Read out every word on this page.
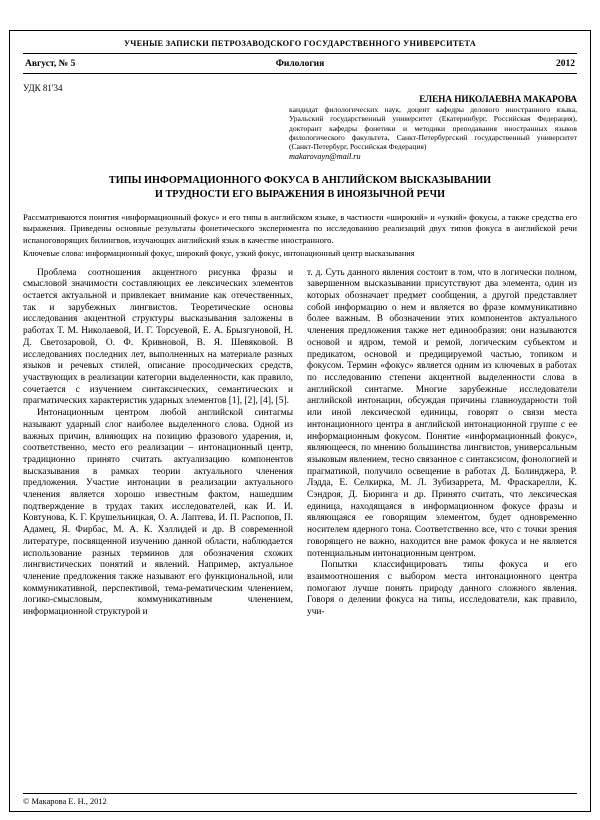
УЧЕНЫЕ ЗАПИСКИ ПЕТРОЗАВОДСКОГО ГОСУДАРСТВЕННОГО УНИВЕРСИТЕТА
Август, № 5	Филология	2012
УДК 81'34
ЕЛЕНА НИКОЛАЕВНА МАКАРОВА
кандидат филологических наук, доцент кафедры делового иностранного языка, Уральский государственный университет (Екатеринбург, Российская Федерация), докторант кафедры фонетики и методики преподавания иностранных языков филологического факультета, Санкт-Петербургский государственный университет (Санкт-Петербург, Российская Федерация)
makarovayn@mail.ru
ТИПЫ ИНФОРМАЦИОННОГО ФОКУСА В АНГЛИЙСКОМ ВЫСКАЗЫВАНИИ
И ТРУДНОСТИ ЕГО ВЫРАЖЕНИЯ В ИНОЯЗЫЧНОЙ РЕЧИ
Рассматриваются понятия «информационный фокус» и его типы в английском языке, в частности «широкий» и «узкий» фокусы, а также средства его выражения. Приведены основные результаты фонетического эксперимента по исследованию реализаций двух типов фокуса в английской речи испаноговорящих билингвов, изучающих английский язык в качестве иностранного.
Ключевые слова: информационный фокус, широкий фокус, узкий фокус, интонационный центр высказывания

Проблема соотношения акцентного рисунка фразы и смысловой значимости составляющих ее лексических элементов остается актуальной и привлекает внимание как отечественных, так и зарубежных лингвистов. Теоретические основы исследования акцентной структуры высказывания заложены в работах Т. М. Николаевой, И. Г. Торсуевой, Е. А. Брызгуновой, Н. Д. Светозаровой, О. Ф. Кривновой, В. Я. Шевяковой. В исследованиях последних лет, выполненных на материале разных языков и речевых стилей, описание просодических средств, участвующих в реализации категории выделенности, как правило, сочетается с изучением синтаксических, семантических и прагматических характеристик ударных элементов [1], [2], [4], [5].

Интонационным центром любой английской синтагмы называют ударный слог наиболее выделенного слова. Одной из важных причин, влияющих на позицию фразового ударения, и, соответственно, место его реализации – интонационный центр, традиционно принято считать актуализацию компонентов высказывания в рамках теории актуального членения предложения. Участие интонации в реализации актуального членения является хорошо известным фактом, нашедшим подтверждение в трудах таких исследователей, как И. И. Ковтунова, К. Г. Крушельницкая, О. А. Лаптева, И. П. Распопов, П. Адамец, Я. Фирбас, М. А. К. Хэллидей и др. В современной литературе, посвященной изучению данной области, наблюдается использование разных терминов для обозначения схожих лингвистических понятий и явлений. Например, актуальное членение предложения также называют его функциональной, или коммуникативной, перспективой, тема-рематическим членением, логико-смысловым, коммуникативным членением, информационной структурой и

т. д. Суть данного явления состоит в том, что в логически полном, завершенном высказывании присутствуют два элемента, один из которых обозначает предмет сообщения, а другой представляет собой информацию о нем и является во фразе коммуникативно более важным. В обозначении этих компонентов актуального членения предложения также нет единообразия: они называются основой и ядром, темой и ремой, логическим субъектом и предикатом, основой и предицируемой частью, топиком и фокусом. Термин «фокус» является одним из ключевых в работах по исследованию степени акцентной выделенности слова в английской синтагме. Многие зарубежные исследователи английской интонации, обсуждая причины главноударности той или иной лексической единицы, говорят о связи места интонационного центра в английской интонационной группе с ее информационным фокусом. Понятие «информационный фокус», являющееся, по мнению большинства лингвистов, универсальным языковым явлением, тесно связанное с синтаксисом, фонологией и прагматикой, получило освещение в работах Д. Болинджера, Р. Лэдда, Е. Селкирка, М. Л. Зубизаррета, М. Фраскарелли, К. Сэндроя, Д. Бюринга и др. Принято считать, что лексическая единица, находящаяся в информационном фокусе фразы и являющаяся ее говорящим элементом, будет одновременно носителем ядерного тона. Соответственно все, что с точки зрения говорящего не важно, находится вне рамок фокуса и не является потенциальным интонационным центром.

Попытки классифицировать типы фокуса и его взаимоотношения с выбором места интонационного центра помогают лучше понять природу данного сложного явления. Говоря о делении фокуса на типы, исследователи, как правило, учи-

© Макарова Е. Н., 2012
